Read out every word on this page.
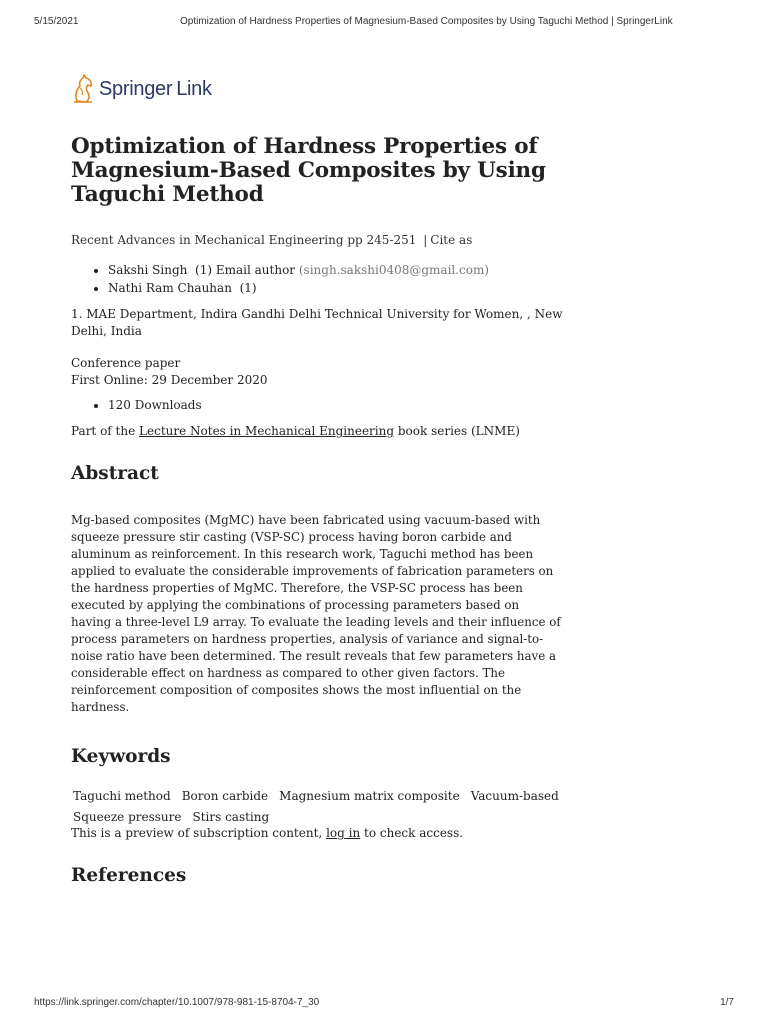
5/15/2021	Optimization of Hardness Properties of Magnesium-Based Composites by Using Taguchi Method | SpringerLink
Springer Link
Optimization of Hardness Properties of Magnesium-Based Composites by Using Taguchi Method
Recent Advances in Mechanical Engineering pp 245-251 | Cite as
• Sakshi Singh (1) Email author (singh.sakshi0408@gmail.com)
• Nathi Ram Chauhan (1)
1. MAE Department, Indira Gandhi Delhi Technical University for Women, , New Delhi, India
Conference paper
First Online: 29 December 2020
• 120 Downloads
Part of the Lecture Notes in Mechanical Engineering book series (LNME)
Abstract
Mg-based composites (MgMC) have been fabricated using vacuum-based with squeeze pressure stir casting (VSP-SC) process having boron carbide and aluminum as reinforcement. In this research work, Taguchi method has been applied to evaluate the considerable improvements of fabrication parameters on the hardness properties of MgMC. Therefore, the VSP-SC process has been executed by applying the combinations of processing parameters based on having a three-level L9 array. To evaluate the leading levels and their influence of process parameters on hardness properties, analysis of variance and signal-to-noise ratio have been determined. The result reveals that few parameters have a considerable effect on hardness as compared to other given factors. The reinforcement composition of composites shows the most influential on the hardness.
Keywords
Taguchi method Boron carbide Magnesium matrix composite Vacuum-based
Squeeze pressure Stirs casting
This is a preview of subscription content, log in to check access.
References
https://link.springer.com/chapter/10.1007/978-981-15-8704-7_30	1/7
